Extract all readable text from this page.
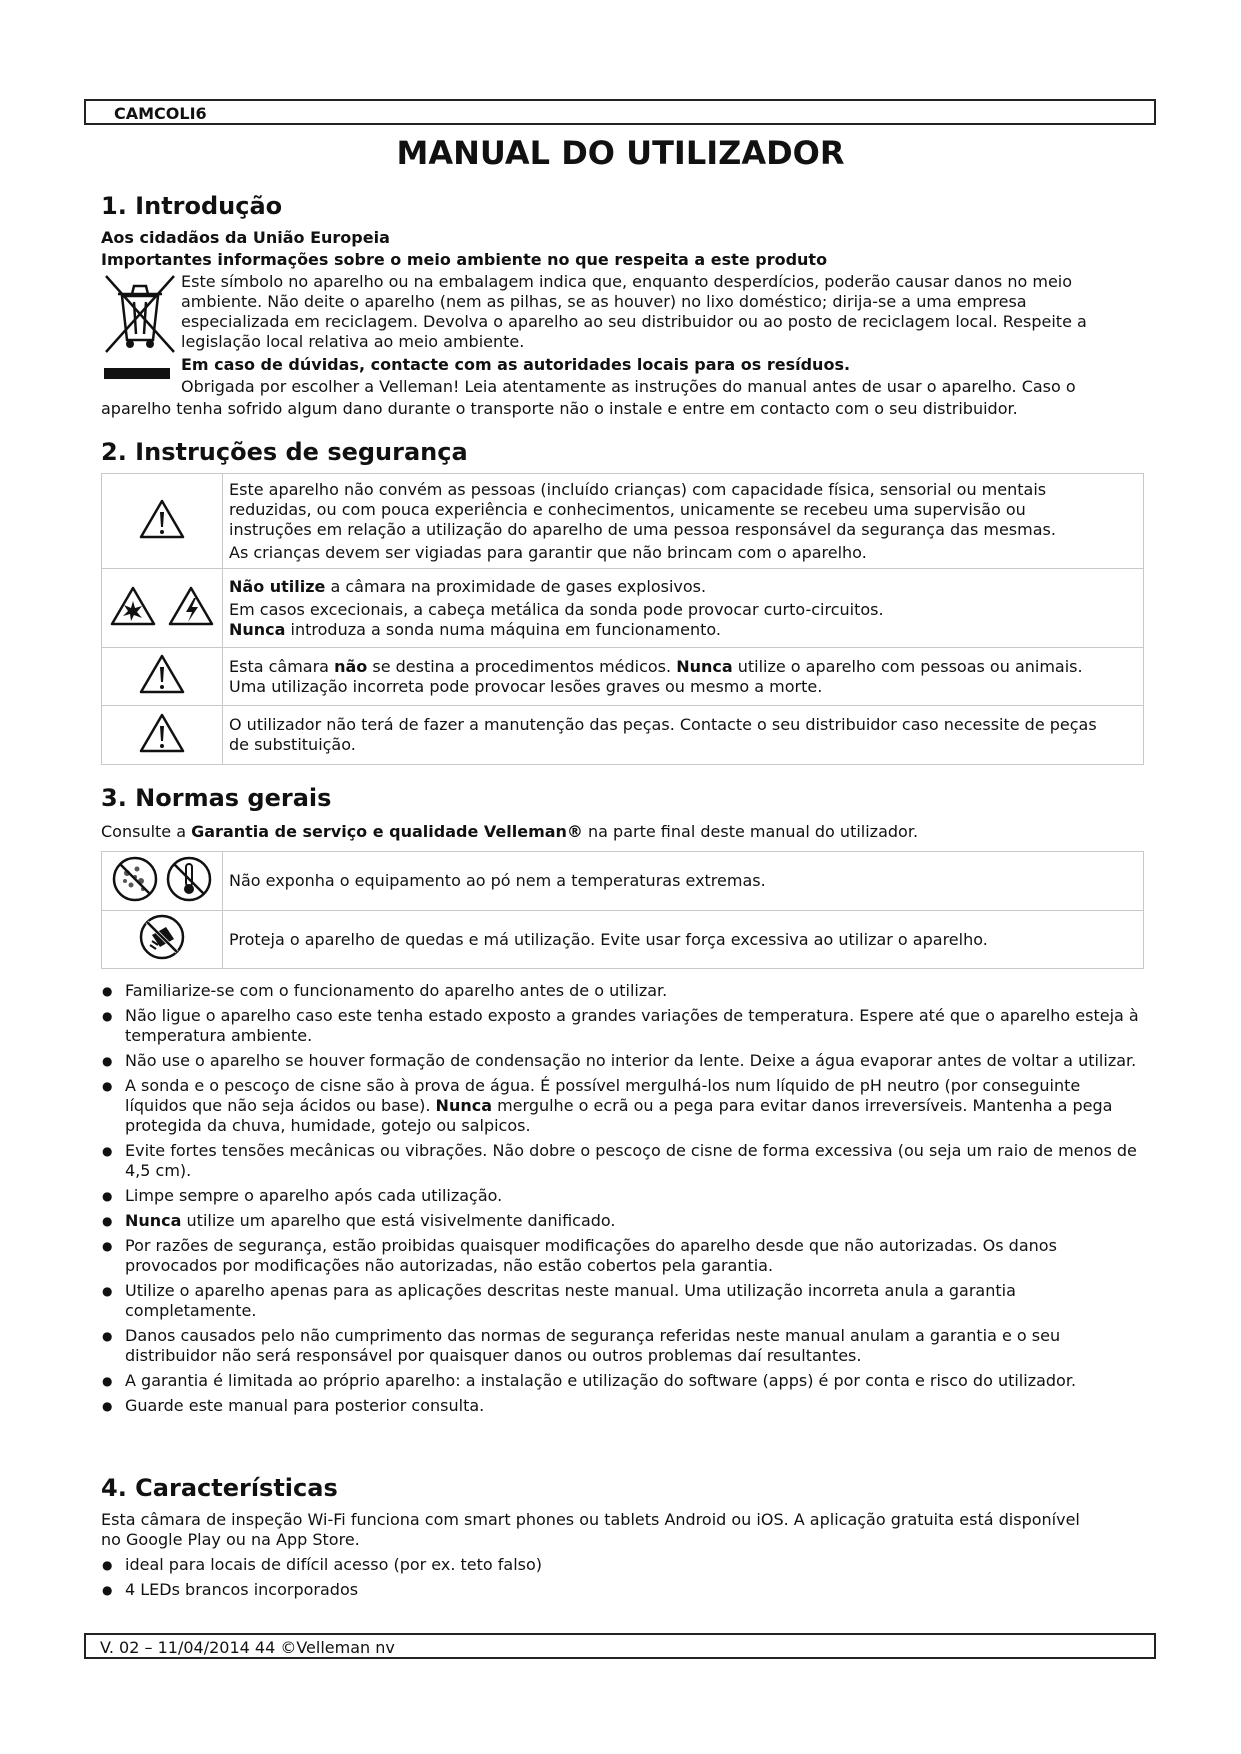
CAMCOLI6
MANUAL DO UTILIZADOR
1. Introdução
Aos cidadãos da União Europeia
Importantes informações sobre o meio ambiente no que respeita a este produto
Este símbolo no aparelho ou na embalagem indica que, enquanto desperdícios, poderão causar danos no meio
ambiente. Não deite o aparelho (nem as pilhas, se as houver) no lixo doméstico; dirija-se a uma empresa
especializada em reciclagem. Devolva o aparelho ao seu distribuidor ou ao posto de reciclagem local. Respeite a
legislação local relativa ao meio ambiente.
Em caso de dúvidas, contacte com as autoridades locais para os resíduos.
Obrigada por escolher a Velleman! Leia atentamente as instruções do manual antes de usar o aparelho. Caso o
aparelho tenha sofrido algum dano durante o transporte não o instale e entre em contacto com o seu distribuidor.
2. Instruções de segurança
	Este aparelho não convém as pessoas (incluído crianças) com capacidade física, sensorial ou mentais
reduzidas, ou com pouca experiência e conhecimentos, unicamente se recebeu uma supervisão ou
instruções em relação a utilização do aparelho de uma pessoa responsável da segurança das mesmas.
As crianças devem ser vigiadas para garantir que não brincam com o aparelho.
	Não utilize a câmara na proximidade de gases explosivos.

Em casos excecionais, a cabeça metálica da sonda pode provocar curto-circuitos.
Nunca introduza a sonda numa máquina em funcionamento.
	Esta câmara não se destina a procedimentos médicos. Nunca utilize o aparelho com pessoas ou animais.
Uma utilização incorreta pode provocar lesões graves ou mesmo a morte.
	O utilizador não terá de fazer a manutenção das peças. Contacte o seu distribuidor caso necessite de peças
de substituição.
3. Normas gerais
Consulte a Garantia de serviço e qualidade Velleman® na parte final deste manual do utilizador.
	Não exponha o equipamento ao pó nem a temperaturas extremas.
	Proteja o aparelho de quedas e má utilização. Evite usar força excessiva ao utilizar o aparelho.
● Familiarize-se com o funcionamento do aparelho antes de o utilizar.
● Não ligue o aparelho caso este tenha estado exposto a grandes variações de temperatura. Espere até que o aparelho esteja à temperatura ambiente.
● Não use o aparelho se houver formação de condensação no interior da lente. Deixe a água evaporar antes de voltar a utilizar.
● A sonda e o pescoço de cisne são à prova de água. É possível mergulhá-los num líquido de pH neutro (por conseguinte líquidos que não seja ácidos ou base). Nunca mergulhe o ecrã ou a pega para evitar danos irreversíveis. Mantenha a pega protegida da chuva, humidade, gotejo ou salpicos.
● Evite fortes tensões mecânicas ou vibrações. Não dobre o pescoço de cisne de forma excessiva (ou seja um raio de menos de 4,5 cm).
● Limpe sempre o aparelho após cada utilização.
● Nunca utilize um aparelho que está visivelmente danificado.
● Por razões de segurança, estão proibidas quaisquer modificações do aparelho desde que não autorizadas. Os danos provocados por modificações não autorizadas, não estão cobertos pela garantia.
● Utilize o aparelho apenas para as aplicações descritas neste manual. Uma utilização incorreta anula a garantia completamente.
● Danos causados pelo não cumprimento das normas de segurança referidas neste manual anulam a garantia e o seu distribuidor não será responsável por quaisquer danos ou outros problemas daí resultantes.
● A garantia é limitada ao próprio aparelho: a instalação e utilização do software (apps) é por conta e risco do utilizador.
● Guarde este manual para posterior consulta.
4. Características
Esta câmara de inspeção Wi-Fi funciona com smart phones ou tablets Android ou iOS. A aplicação gratuita está disponível
no Google Play ou na App Store.
● ideal para locais de difícil acesso (por ex. teto falso)
● 4 LEDs brancos incorporados
V. 02 – 11/04/2014 44 ©Velleman nv
